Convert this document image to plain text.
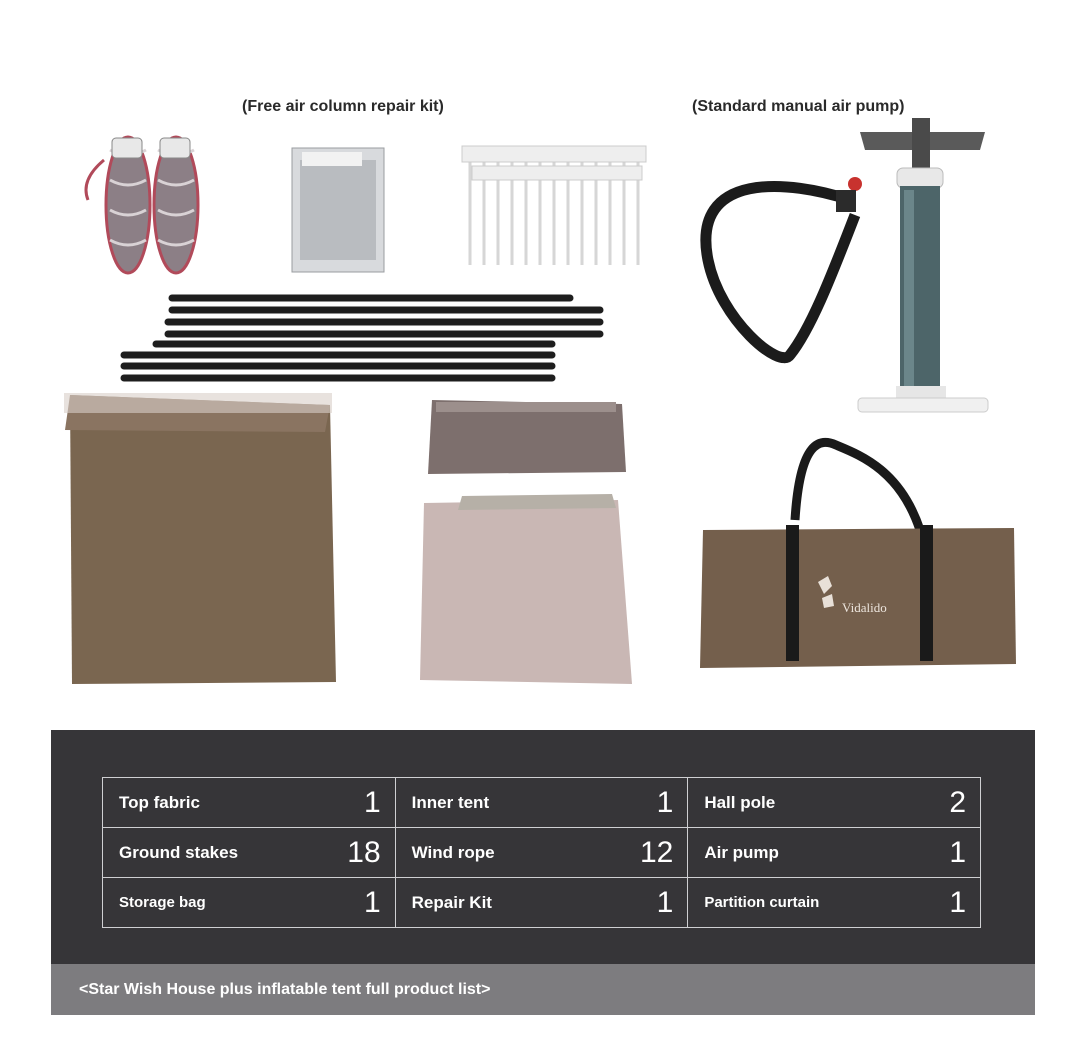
(Free air column repair kit)	(Standard manual air pump)
Vidalido
Top fabric 1	Inner tent 1	Hall pole 2

Ground stakes 18	Wind rope 12	Air pump 1

Storage bag 1	Repair Kit 1	Partition curtain 1
<Star Wish House plus inflatable tent full product list>
